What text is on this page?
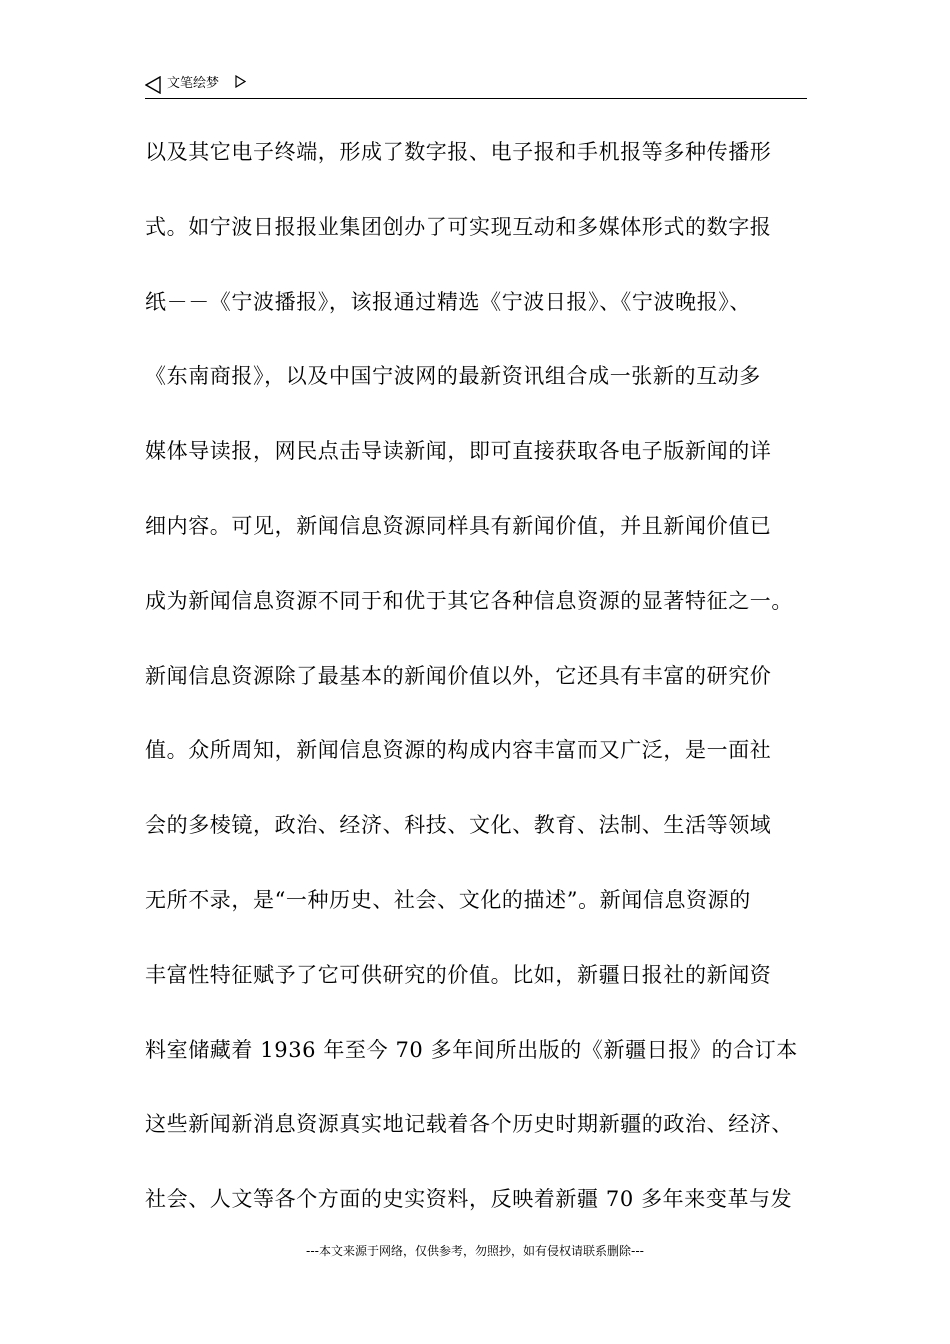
文笔绘梦
以及其它电子终端，形成了数字报、电子报和手机报等多种传播形
式。如宁波日报报业集团创办了可实现互动和多媒体形式的数字报
纸－－《宁波播报》，该报通过精选《宁波日报》、《宁波晚报》、
《东南商报》，以及中国宁波网的最新资讯组合成一张新的互动多
媒体导读报，网民点击导读新闻，即可直接获取各电子版新闻的详
细内容。可见，新闻信息资源同样具有新闻价值，并且新闻价值已
成为新闻信息资源不同于和优于其它各种信息资源的显著特征之一。
新闻信息资源除了最基本的新闻价值以外，它还具有丰富的研究价
值。众所周知，新闻信息资源的构成内容丰富而又广泛，是一面社
会的多棱镜，政治、经济、科技、文化、教育、法制、生活等领域
无所不录，是“一种历史、社会、文化的描述”。新闻信息资源的
丰富性特征赋予了它可供研究的价值。比如，新疆日报社的新闻资
料室储藏着 1936 年至今 70 多年间所出版的《新疆日报》的合订本
这些新闻新消息资源真实地记载着各个历史时期新疆的政治、经济、
社会、人文等各个方面的史实资料，反映着新疆 70 多年来变革与发
---本文来源于网络，仅供参考，勿照抄，如有侵权请联系删除---
